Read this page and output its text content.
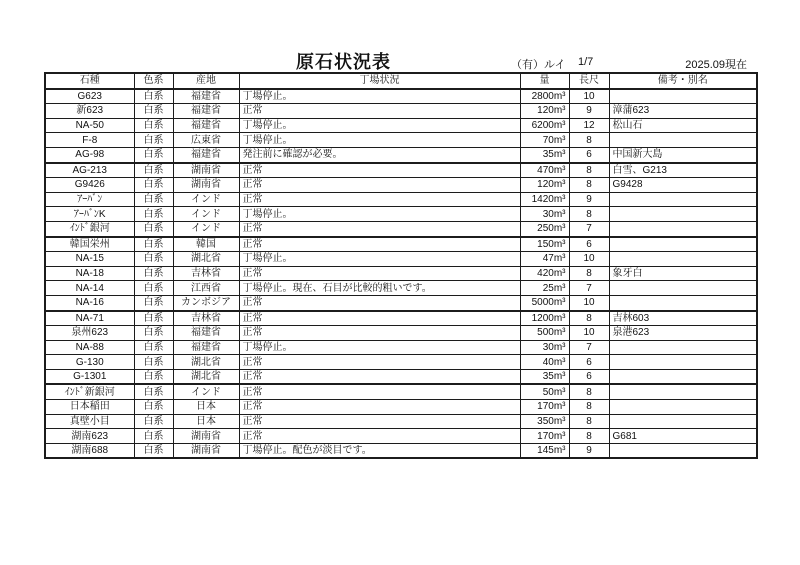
原石状況表	（有）ルイ 1/7	2025.09現在
石種	色系	産地	丁場状況	量	長尺	備考・別名
G623	白系	福建省	丁場停止。	2800m³	10	
新623	白系	福建省	正常	120m³	9	漳蒲623
NA-50	白系	福建省	丁場停止。	6200m³	12	松山石
F-8	白系	広東省	丁場停止。	70m³	8	
AG-98	白系	福建省	発注前に確認が必要。	35m³	6	中国新大島
AG-213	白系	湖南省	正常	470m³	8	白雪、G213
G9426	白系	湖南省	正常	120m³	8	G9428
ｱｰﾊﾞﾝ	白系	インド	正常	1420m³	9	
ｱｰﾊﾞﾝK	白系	インド	丁場停止。	30m³	8	
ｲﾝﾄﾞ銀河	白系	インド	正常	250m³	7	
韓国栄州	白系	韓国	正常	150m³	6	
NA-15	白系	湖北省	丁場停止。	47m³	10	
NA-18	白系	吉林省	正常	420m³	8	象牙白
NA-14	白系	江西省	丁場停止。現在、石目が比較的粗いです。	25m³	7	
NA-16	白系	カンボジア	正常	5000m³	10	
NA-71	白系	吉林省	正常	1200m³	8	吉林603
泉州623	白系	福建省	正常	500m³	10	泉港623
NA-88	白系	福建省	丁場停止。	30m³	7	
G-130	白系	湖北省	正常	40m³	6	
G-1301	白系	湖北省	正常	35m³	6	
ｲﾝﾄﾞ新銀河	白系	インド	正常	50m³	8	
日本稲田	白系	日本	正常	170m³	8	
真壁小目	白系	日本	正常	350m³	8	
湖南623	白系	湖南省	正常	170m³	8	G681
湖南688	白系	湖南省	丁場停止。配色が淡目です。	145m³	9	
